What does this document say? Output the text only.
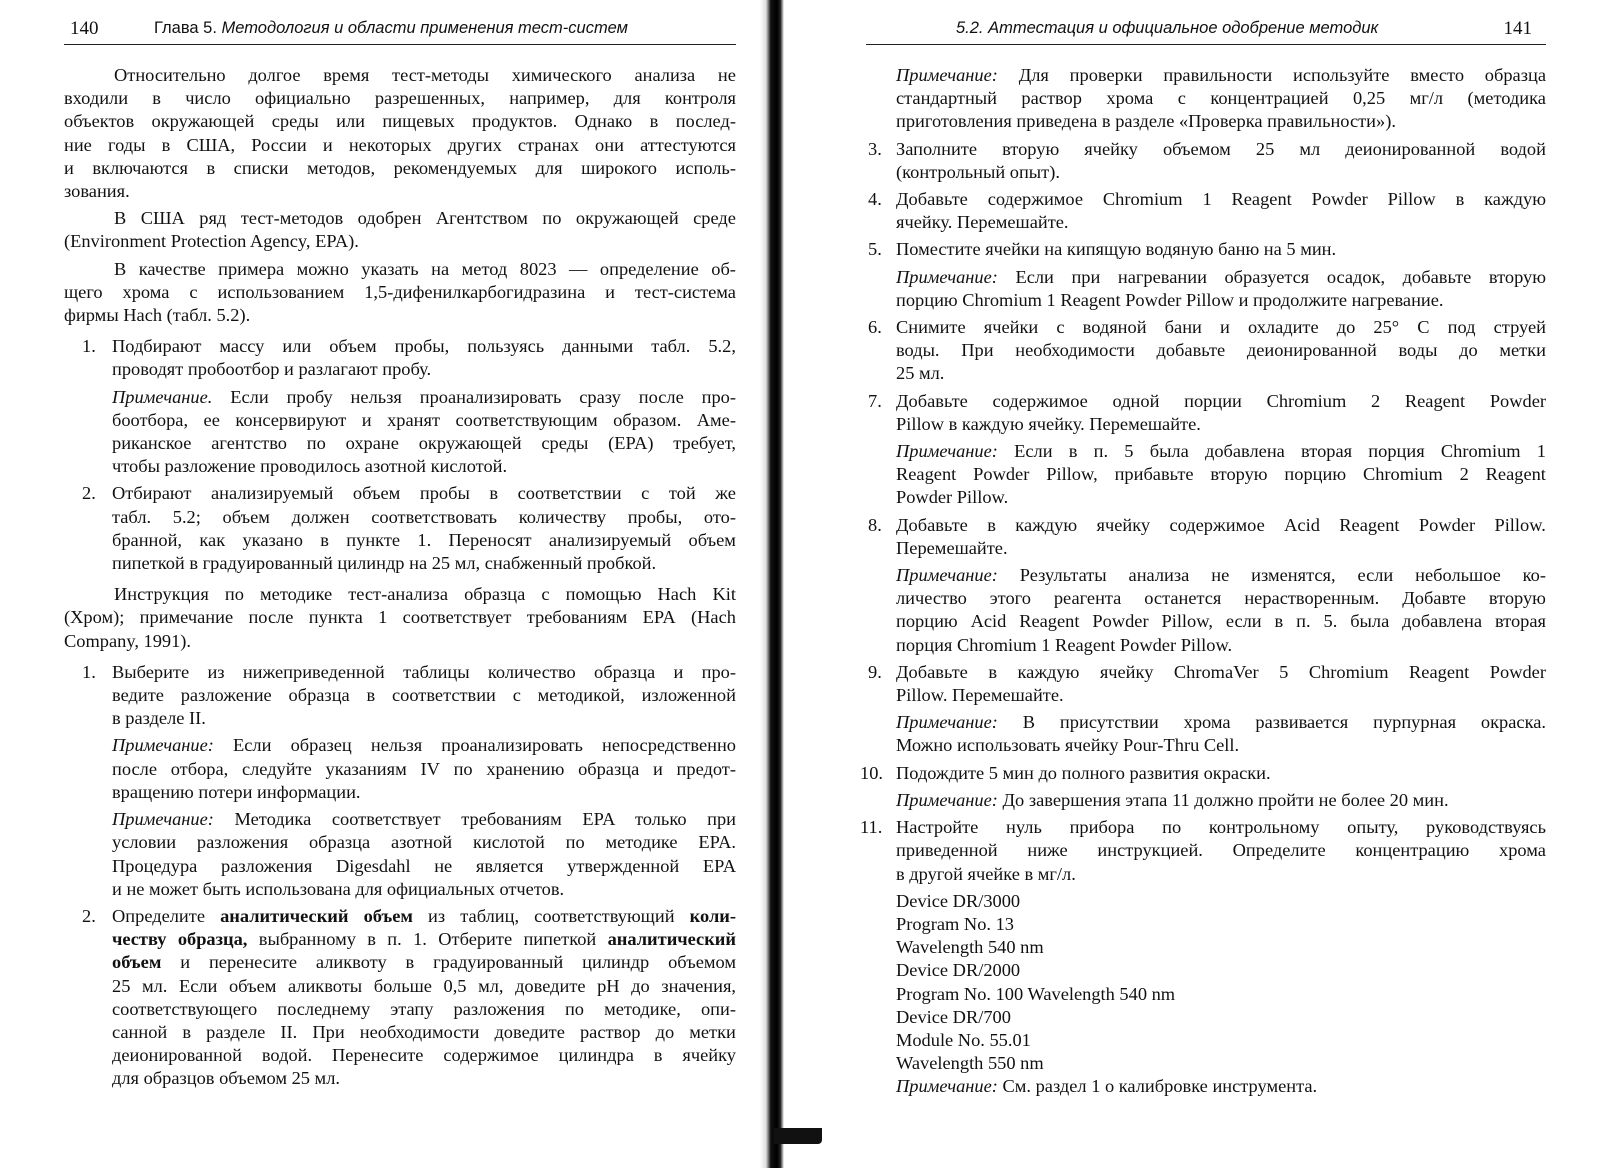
140	Глава 5. Методология и области применения тест-систем
Относительно долгое время тест-методы химического анализа не
входили в число официально разрешенных, например, для контроля
объектов окружающей среды или пищевых продуктов. Однако в послед-
ние годы в США, России и некоторых других странах они аттестуются
и включаются в списки методов, рекомендуемых для широкого исполь-
зования.
В США ряд тест-методов одобрен Агентством по окружающей среде
(Environment Protection Agency, EPA).
В качестве примера можно указать на метод 8023 — определение об-
щего хрома с использованием 1,5-дифенилкарбогидразина и тест-система
фирмы Hach (табл. 5.2).
1. Подбирают массу или объем пробы, пользуясь данными табл. 5.2,
проводят пробоотбор и разлагают пробу.
Примечание. Если пробу нельзя проанализировать сразу после про-
боотбора, ее консервируют и хранят соответствующим образом. Аме-
риканское агентство по охране окружающей среды (EPA) требует,
чтобы разложение проводилось азотной кислотой.
2. Отбирают анализируемый объем пробы в соответствии с той же
табл. 5.2; объем должен соответствовать количеству пробы, ото-
бранной, как указано в пункте 1. Переносят анализируемый объем
пипеткой в градуированный цилиндр на 25 мл, снабженный пробкой.
Инструкция по методике тест-анализа образца с помощью Hach Kit
(Хром); примечание после пункта 1 соответствует требованиям EPA (Hach
Company, 1991).
1. Выберите из нижеприведенной таблицы количество образца и про-
ведите разложение образца в соответствии с методикой, изложенной
в разделе II.
Примечание: Если образец нельзя проанализировать непосредственно
после отбора, следуйте указаниям IV по хранению образца и предот-
вращению потери информации.
Примечание: Методика соответствует требованиям EPA только при
условии разложения образца азотной кислотой по методике EPA.
Процедура разложения Digesdahl не является утвержденной EPA
и не может быть использована для официальных отчетов.
2. Определите аналитический объем из таблиц, соответствующий коли-
честву образца, выбранному в п. 1. Отберите пипеткой аналитический
объем и перенесите аликвоту в градуированный цилиндр объемом
25 мл. Если объем аликвоты больше 0,5 мл, доведите pH до значения,
соответствующего последнему этапу разложения по методике, опи-
санной в разделе II. При необходимости доведите раствор до метки
деионированной водой. Перенесите содержимое цилиндра в ячейку
для образцов объемом 25 мл.
5.2. Аттестация и официальное одобрение методик	141
Примечание: Для проверки правильности используйте вместо образца
стандартный раствор хрома с концентрацией 0,25 мг/л (методика
приготовления приведена в разделе «Проверка правильности»).
3. Заполните вторую ячейку объемом 25 мл деионированной водой
(контрольный опыт).
4. Добавьте содержимое Chromium 1 Reagent Powder Pillow в каждую
ячейку. Перемешайте.
5. Поместите ячейки на кипящую водяную баню на 5 мин.
Примечание: Если при нагревании образуется осадок, добавьте вторую
порцию Chromium 1 Reagent Powder Pillow и продолжите нагревание.
6. Снимите ячейки с водяной бани и охладите до 25° С под струей
воды. При необходимости добавьте деионированной воды до метки
25 мл.
7. Добавьте содержимое одной порции Chromium 2 Reagent Powder
Pillow в каждую ячейку. Перемешайте.
Примечание: Если в п. 5 была добавлена вторая порция Chromium 1
Reagent Powder Pillow, прибавьте вторую порцию Chromium 2 Reagent
Powder Pillow.
8. Добавьте в каждую ячейку содержимое Acid Reagent Powder Pillow.
Перемешайте.
Примечание: Результаты анализа не изменятся, если небольшое ко-
личество этого реагента останется нерастворенным. Добавте вторую
порцию Acid Reagent Powder Pillow, если в п. 5. была добавлена вторая
порция Chromium 1 Reagent Powder Pillow.
9. Добавьте в каждую ячейку ChromaVer 5 Chromium Reagent Powder
Pillow. Перемешайте.
Примечание: В присутствии хрома развивается пурпурная окраска.
Можно использовать ячейку Pour-Thru Cell.
10. Подождите 5 мин до полного развития окраски.
Примечание: До завершения этапа 11 должно пройти не более 20 мин.
11. Настройте нуль прибора по контрольному опыту, руководствуясь
приведенной ниже инструкцией. Определите концентрацию хрома
в другой ячейке в мг/л.
Device DR/3000
Program No. 13
Wavelength 540 nm
Device DR/2000
Program No. 100 Wavelength 540 nm
Device DR/700
Module No. 55.01
Wavelength 550 nm
Примечание: См. раздел 1 о калибровке инструмента.
